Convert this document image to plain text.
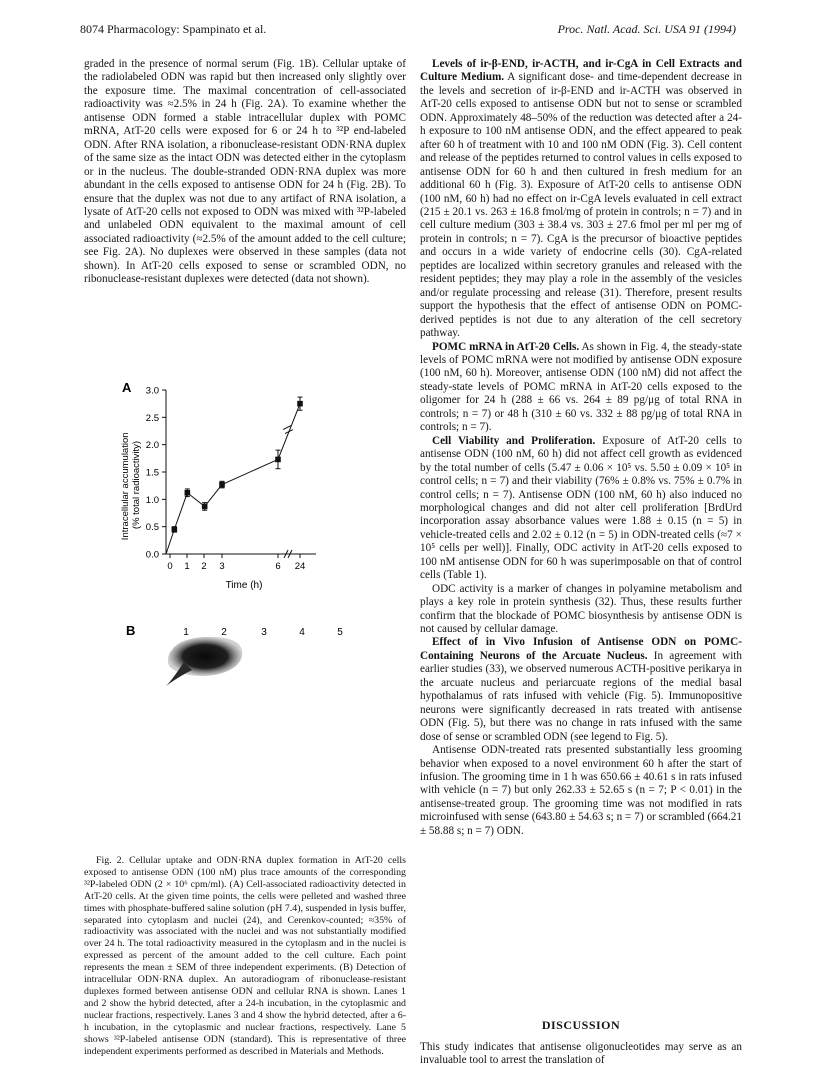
8074 Pharmacology: Spampinato et al.	Proc. Natl. Acad. Sci. USA 91 (1994)

graded in the presence of normal serum (Fig. 1B). Cellular uptake of the radiolabeled ODN was rapid but then increased only slightly over the exposure time. The maximal concentration of cell-associated radioactivity was ≈2.5% in 24 h (Fig. 2A). To examine whether the antisense ODN formed a stable intracellular duplex with POMC mRNA, AtT-20 cells were exposed for 6 or 24 h to ³²P end-labeled ODN. After RNA isolation, a ribonuclease-resistant ODN·RNA duplex of the same size as the intact ODN was detected either in the cytoplasm or in the nucleus. The double-stranded ODN·RNA duplex was more abundant in the cells exposed to antisense ODN for 24 h (Fig. 2B). To ensure that the duplex was not due to any artifact of RNA isolation, a lysate of AtT-20 cells not exposed to ODN was mixed with ³²P-labeled and unlabeled ODN equivalent to the maximal amount of cell associated radioactivity (≈2.5% of the amount added to the cell culture; see Fig. 2A). No duplexes were observed in these samples (data not shown). In AtT-20 cells exposed to sense or scrambled ODN, no ribonuclease-resistant duplexes were detected (data not shown).

A
0.0
0.5
1.0
1.5
2.0
2.5
3.0
0 1 2 3	6 24
Time (h)
Intracellular accumulation (% total radioactivity)
B	1	2	3	4	5

Fig. 2. Cellular uptake and ODN·RNA duplex formation in AtT-20 cells exposed to antisense ODN (100 nM) plus trace amounts of the corresponding ³²P-labeled ODN (2 × 10⁶ cpm/ml). (A) Cell-associated radioactivity detected in AtT-20 cells. At the given time points, the cells were pelleted and washed three times with phosphate-buffered saline solution (pH 7.4), suspended in lysis buffer, separated into cytoplasm and nuclei (24), and Cerenkov-counted; ≈35% of radioactivity was associated with the nuclei and was not substantially modified over 24 h. The total radioactivity measured in the cytoplasm and in the nuclei is expressed as percent of the amount added to the cell culture. Each point represents the mean ± SEM of three independent experiments. (B) Detection of intracellular ODN·RNA duplex. An autoradiogram of ribonuclease-resistant duplexes formed between antisense ODN and cellular RNA is shown. Lanes 1 and 2 show the hybrid detected, after a 24-h incubation, in the cytoplasmic and nuclear fractions, respectively. Lanes 3 and 4 show the hybrid detected, after a 6-h incubation, in the cytoplasmic and nuclear fractions, respectively. Lane 5 shows ³²P-labeled antisense ODN (standard). This is representative of three independent experiments performed as described in Materials and Methods.

Levels of ir-β-END, ir-ACTH, and ir-CgA in Cell Extracts and Culture Medium. A significant dose- and time-dependent decrease in the levels and secretion of ir-β-END and ir-ACTH was observed in AtT-20 cells exposed to antisense ODN but not to sense or scrambled ODN. Approximately 48–50% of the reduction was detected after a 24-h exposure to 100 nM antisense ODN, and the effect appeared to peak after 60 h of treatment with 10 and 100 nM ODN (Fig. 3). Cell content and release of the peptides returned to control values in cells exposed to antisense ODN for 60 h and then cultured in fresh medium for an additional 60 h (Fig. 3). Exposure of AtT-20 cells to antisense ODN (100 nM, 60 h) had no effect on ir-CgA levels evaluated in cell extract (215 ± 20.1 vs. 263 ± 16.8 fmol/mg of protein in controls; n = 7) and in cell culture medium (303 ± 38.4 vs. 303 ± 27.6 fmol per ml per mg of protein in controls; n = 7). CgA is the precursor of bioactive peptides and occurs in a wide variety of endocrine cells (30). CgA-related peptides are localized within secretory granules and released with the resident peptides; they may play a role in the assembly of the vesicles and/or regulate processing and release (31). Therefore, present results support the hypothesis that the effect of antisense ODN on POMC-derived peptides is not due to any alteration of the cell secretory pathway.

POMC mRNA in AtT-20 Cells. As shown in Fig. 4, the steady-state levels of POMC mRNA were not modified by antisense ODN exposure (100 nM, 60 h). Moreover, antisense ODN (100 nM) did not affect the steady-state levels of POMC mRNA in AtT-20 cells exposed to the oligomer for 24 h (288 ± 66 vs. 264 ± 89 pg/μg of total RNA in controls; n = 7) or 48 h (310 ± 60 vs. 332 ± 88 pg/μg of total RNA in controls; n = 7).

Cell Viability and Proliferation. Exposure of AtT-20 cells to antisense ODN (100 nM, 60 h) did not affect cell growth as evidenced by the total number of cells (5.47 ± 0.06 × 10⁵ vs. 5.50 ± 0.09 × 10⁵ in control cells; n = 7) and their viability (76% ± 0.8% vs. 75% ± 0.7% in control cells; n = 7). Antisense ODN (100 nM, 60 h) also induced no morphological changes and did not alter cell proliferation [BrdUrd incorporation assay absorbance values were 1.88 ± 0.15 (n = 5) in vehicle-treated cells and 2.02 ± 0.12 (n = 5) in ODN-treated cells (≈7 × 10⁵ cells per well)]. Finally, ODC activity in AtT-20 cells exposed to 100 nM antisense ODN for 60 h was superimposable on that of control cells (Table 1).

ODC activity is a marker of changes in polyamine metabolism and plays a key role in protein synthesis (32). Thus, these results further confirm that the blockade of POMC biosynthesis by antisense ODN is not caused by cellular damage.

Effect of in Vivo Infusion of Antisense ODN on POMC-Containing Neurons of the Arcuate Nucleus. In agreement with earlier studies (33), we observed numerous ACTH-positive perikarya in the arcuate nucleus and periarcuate regions of the medial basal hypothalamus of rats infused with vehicle (Fig. 5). Immunopositive neurons were significantly decreased in rats treated with antisense ODN (Fig. 5), but there was no change in rats infused with the same dose of sense or scrambled ODN (see legend to Fig. 5).

Antisense ODN-treated rats presented substantially less grooming behavior when exposed to a novel environment 60 h after the start of infusion. The grooming time in 1 h was 650.66 ± 40.61 s in rats infused with vehicle (n = 7) but only 262.33 ± 52.65 s (n = 7; P < 0.01) in the antisense-treated group. The grooming time was not modified in rats microinfused with sense (643.80 ± 54.63 s; n = 7) or scrambled (664.21 ± 58.88 s; n = 7) ODN.

DISCUSSION
This study indicates that antisense oligonucleotides may serve as an invaluable tool to arrest the translation of
